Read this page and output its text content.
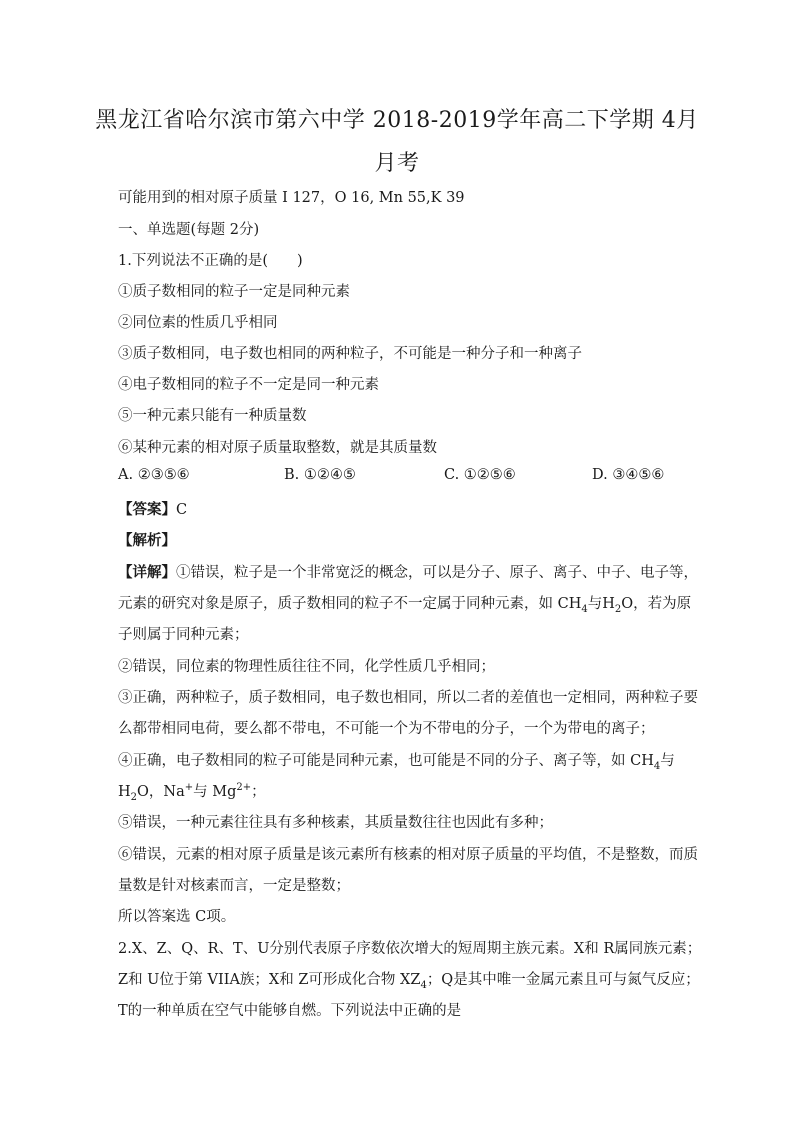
黑龙江省哈尔滨市第六中学 2018-2019学年高二下学期 4月
月考
可能用到的相对原子质量 I 127，O 16, Mn 55,K 39
一、单选题(每题 2分)
1.下列说法不正确的是(　　)
①质子数相同的粒子一定是同种元素
②同位素的性质几乎相同
③质子数相同，电子数也相同的两种粒子，不可能是一种分子和一种离子
④电子数相同的粒子不一定是同一种元素
⑤一种元素只能有一种质量数
⑥某种元素的相对原子质量取整数，就是其质量数
A. ②③⑤⑥	B. ①②④⑤	C. ①②⑤⑥	D. ③④⑤⑥
【答案】C
【解析】
【详解】①错误，粒子是一个非常宽泛的概念，可以是分子、原子、离子、中子、电子等，
元素的研究对象是原子，质子数相同的粒子不一定属于同种元素，如 $CH_4$与$H_2O$，若为原
子则属于同种元素；
②错误，同位素的物理性质往往不同，化学性质几乎相同；
③正确，两种粒子，质子数相同，电子数也相同，所以二者的差值也一定相同，两种粒子要
么都带相同电荷，要么都不带电，不可能一个为不带电的分子，一个为带电的离子；
④正确，电子数相同的粒子可能是同种元素，也可能是不同的分子、离子等，如 $CH_4$与
$H_2O$，Na+与 $Mg^{2+}$；
⑤错误，一种元素往往具有多种核素，其质量数往往也因此有多种；
⑥错误，元素的相对原子质量是该元素所有核素的相对原子质量的平均值，不是整数，而质
量数是针对核素而言，一定是整数；
所以答案选 C项。
2.X、Z、Q、R、T、U分别代表原子序数依次增大的短周期主族元素。X和 R属同族元素；
Z和 U位于第 VIIA族；X和 Z可形成化合物 $XZ_4$；Q是其中唯一金属元素且可与氮气反应；
T的一种单质在空气中能够自燃。下列说法中正确的是
